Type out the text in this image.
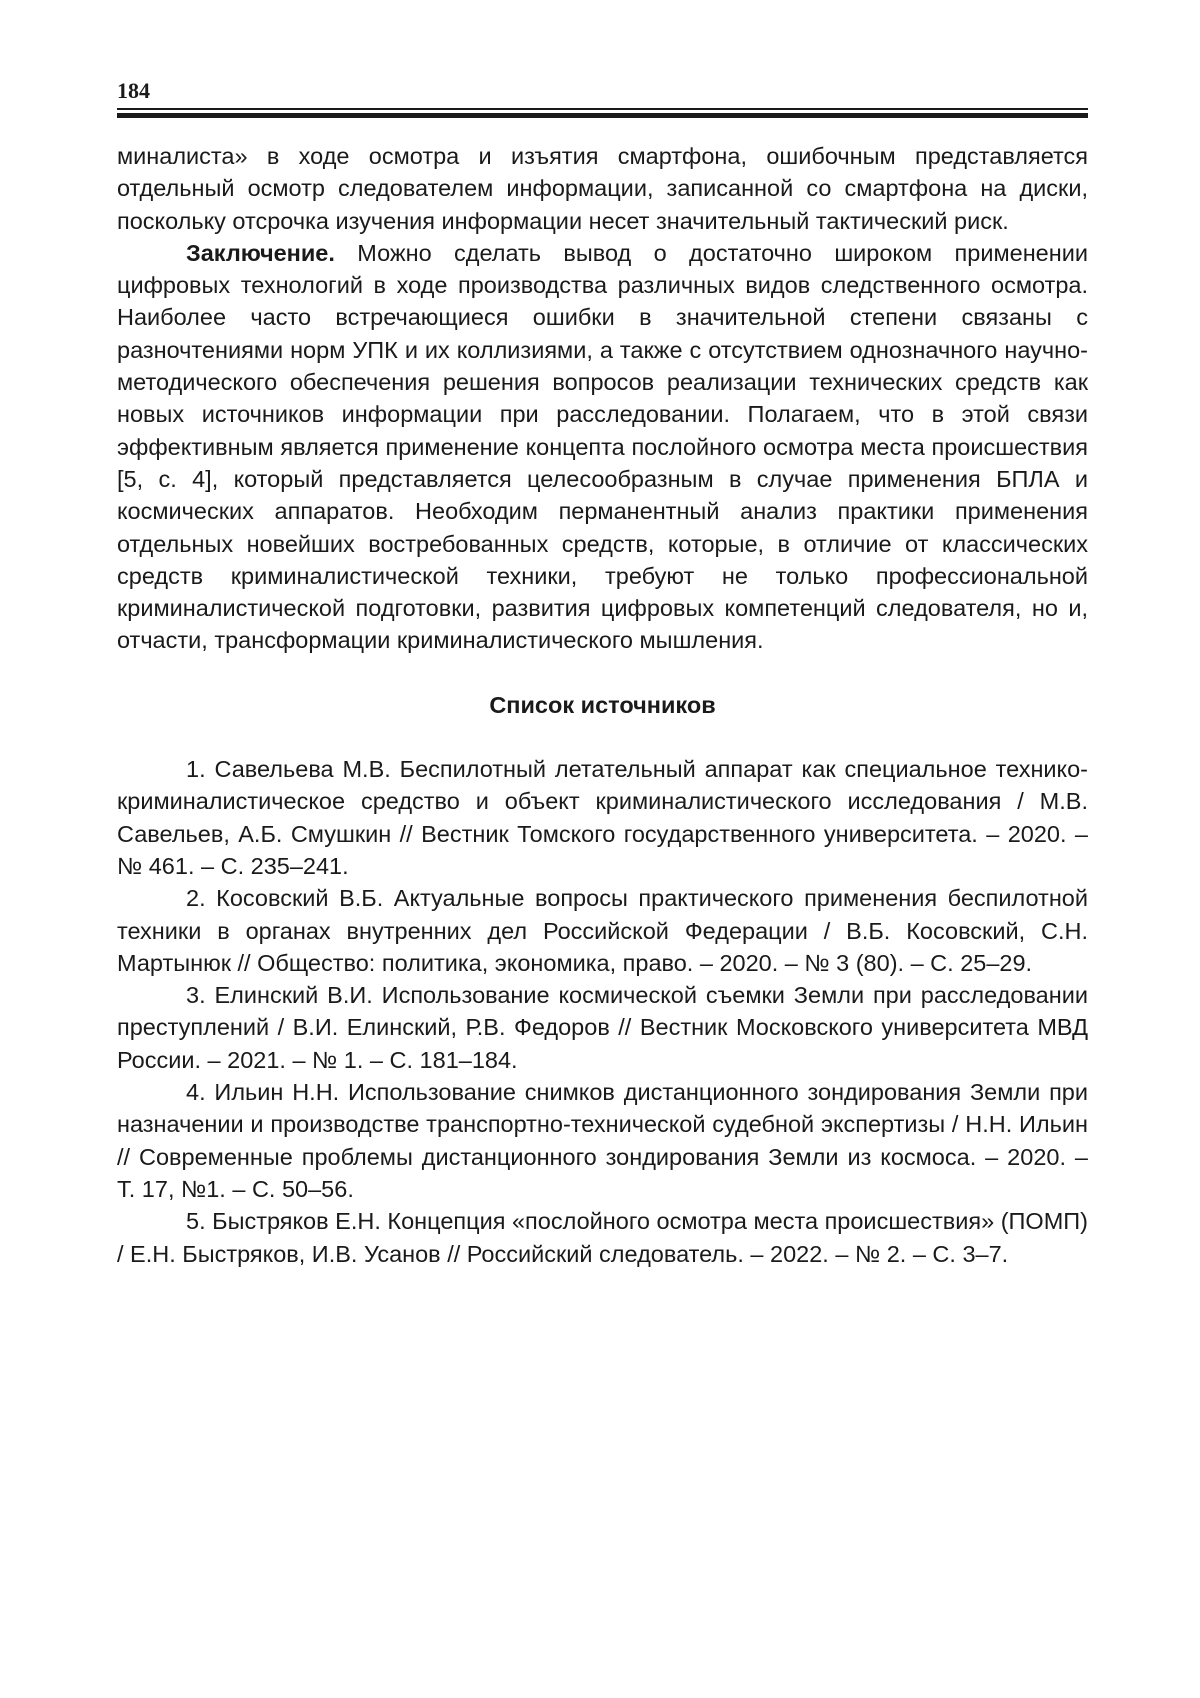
184

миналиста» в ходе осмотра и изъятия смартфона, ошибочным представляется отдельный осмотр следователем информации, записанной со смартфона на диски, поскольку отсрочка изучения информации несет значительный тактический риск.

Заключение. Можно сделать вывод о достаточно широком применении цифровых технологий в ходе производства различных видов следственного осмотра. Наиболее часто встречающиеся ошибки в значительной степени связаны с разночтениями норм УПК и их коллизиями, а также с отсутствием однозначного научно-методического обеспечения решения вопросов реализации технических средств как новых источников информации при расследовании. Полагаем, что в этой связи эффективным является применение концепта послойного осмотра места происшествия [5, с. 4], который представляется целесообразным в случае применения БПЛА и космических аппаратов. Необходим перманентный анализ практики применения отдельных новейших востребованных средств, которые, в отличие от классических средств криминалистической техники, требуют не только профессиональной криминалистической подготовки, развития цифровых компетенций следователя, но и, отчасти, трансформации криминалистического мышления.

Список источников

1. Савельева М.В. Беспилотный летательный аппарат как специальное технико-криминалистическое средство и объект криминалистического исследования / М.В. Савельев, А.Б. Смушкин // Вестник Томского государственного университета. – 2020. – № 461. – С. 235–241.

2. Косовский В.Б. Актуальные вопросы практического применения беспилотной техники в органах внутренних дел Российской Федерации / В.Б. Косовский, С.Н. Мартынюк // Общество: политика, экономика, право. – 2020. – № 3 (80). – С. 25–29.

3. Елинский В.И. Использование космической съемки Земли при расследовании преступлений / В.И. Елинский, Р.В. Федоров // Вестник Московского университета МВД России. – 2021. – № 1. – С. 181–184.

4. Ильин Н.Н. Использование снимков дистанционного зондирования Земли при назначении и производстве транспортно-технической судебной экспертизы / Н.Н. Ильин // Современные проблемы дистанционного зондирования Земли из космоса. – 2020. – Т. 17, №1. – С. 50–56.

5. Быстряков Е.Н. Концепция «послойного осмотра места происшествия» (ПОМП) / Е.Н. Быстряков, И.В. Усанов // Российский следователь. – 2022. – № 2. – С. 3–7.
